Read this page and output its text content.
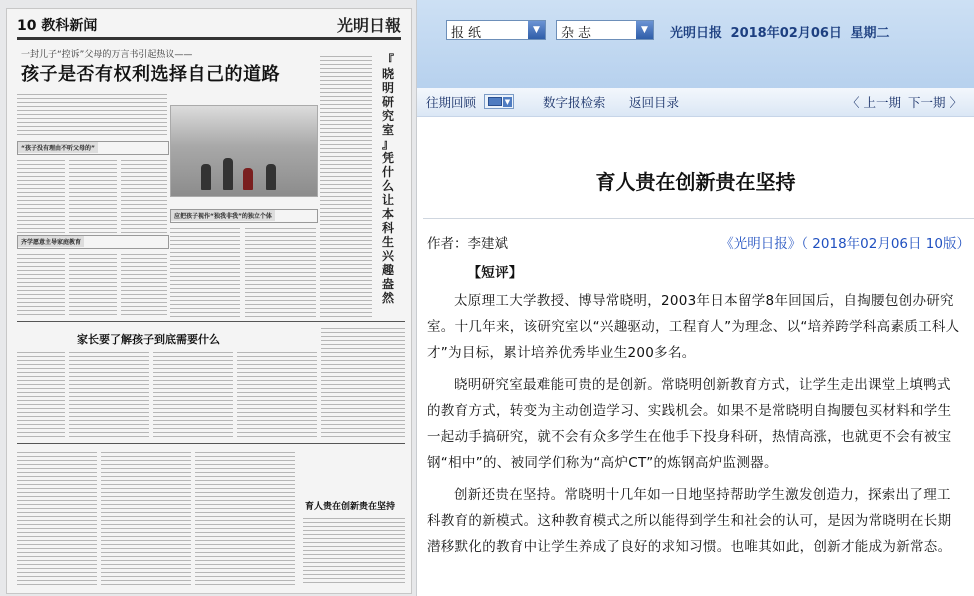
10 教科新闻	光明日報
一封儿子“控诉”父母的万言书引起热议——
孩子是否有权利选择自己的道路
“孩子没有理由不听父母的”
齐学愿意主导家庭教育
应把孩子视作“独我非我”的独立个体
『
晓
明
研
究
室
』
凭
什
么
让
本
科
生
兴
趣
盎
然
家长要了解孩子到底需要什么
育人贵在创新贵在坚持
报纸	▼	杂志	▼	光明日报 2018年02月06日 星期二
往期回顾	▼	数字报检索 返回目录	〈 上一期 下一期 〉
育人贵在创新贵在坚持
作者：李建斌	《光明日报》（ 2018年02月06日 10版）

【短评】

太原理工大学教授、博导常晓明，2003年日本留学8年回国后，自掏腰包创办研究室。十几年来，该研究室以“兴趣驱动，工程育人”为理念、以“培养跨学科高素质工科人才”为目标，累计培养优秀毕业生200多名。

晓明研究室最难能可贵的是创新。常晓明创新教育方式，让学生走出课堂上填鸭式的教育方式，转变为主动创造学习、实践机会。如果不是常晓明自掏腰包买材料和学生一起动手搞研究，就不会有众多学生在他手下投身科研，热情高涨，也就更不会有被宝钢“相中”的、被同学们称为“高炉CT”的炼钢高炉监测器。

创新还贵在坚持。常晓明十几年如一日地坚持帮助学生激发创造力，探索出了理工科教育的新模式。这种教育模式之所以能得到学生和社会的认可，是因为常晓明在长期潜移默化的教育中让学生养成了良好的求知习惯。也唯其如此，创新才能成为新常态。
